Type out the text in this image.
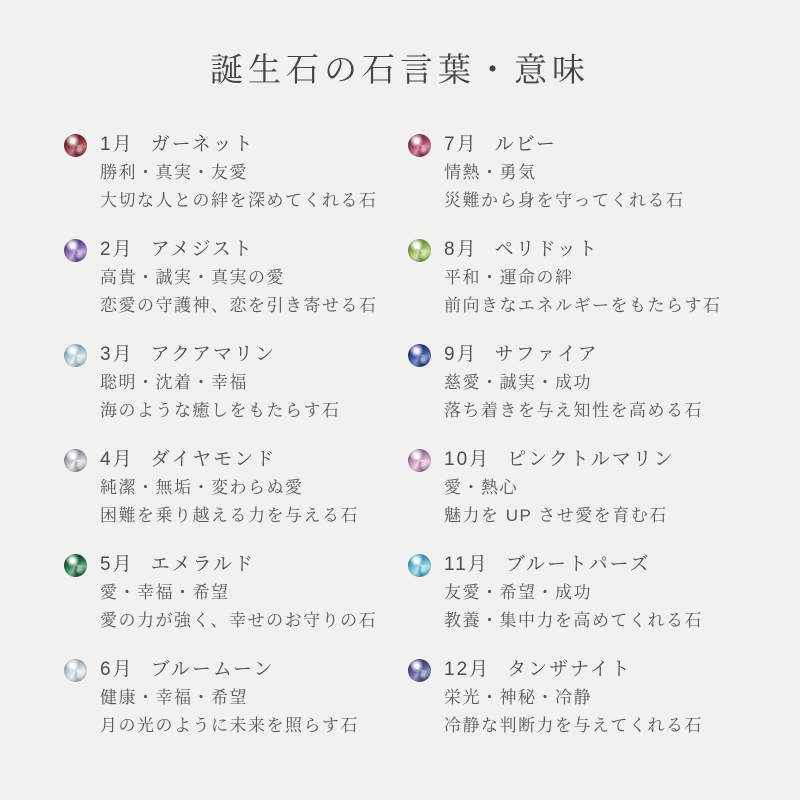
誕生石の石言葉・意味
1月 ガーネット
勝利・真実・友愛
大切な人との絆を深めてくれる石
2月 アメジスト
高貴・誠実・真実の愛
恋愛の守護神、恋を引き寄せる石
3月 アクアマリン
聡明・沈着・幸福
海のような癒しをもたらす石
4月 ダイヤモンド
純潔・無垢・変わらぬ愛
困難を乗り越える力を与える石
5月 エメラルド
愛・幸福・希望
愛の力が強く、幸せのお守りの石
6月 ブルームーン
健康・幸福・希望
月の光のように未来を照らす石
7月 ルビー
情熱・勇気
災難から身を守ってくれる石
8月 ペリドット
平和・運命の絆
前向きなエネルギーをもたらす石
9月 サファイア
慈愛・誠実・成功
落ち着きを与え知性を高める石
10月 ピンクトルマリン
愛・熱心
魅力を UP させ愛を育む石
11月 ブルートパーズ
友愛・希望・成功
教養・集中力を高めてくれる石
12月 タンザナイト
栄光・神秘・冷静
冷静な判断力を与えてくれる石
